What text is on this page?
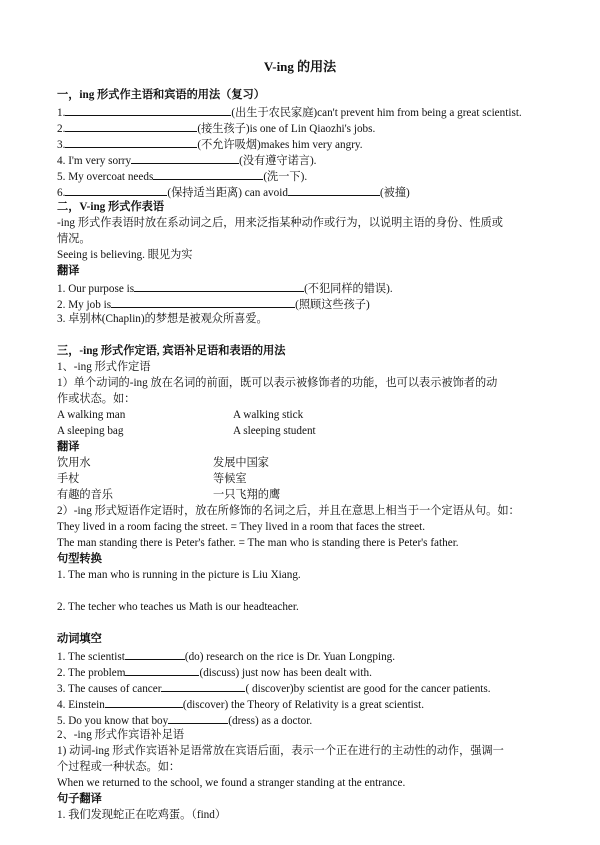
V-ing 的用法
一，ing 形式作主语和宾语的用法（复习）
1.	(出生于农民家庭)can't prevent him from being a great scientist.
2.	(接生孩子)is one of Lin Qiaozhi's jobs.
3.	(不允许吸烟)makes him very angry.
4. I'm very sorry	(没有遵守诺言).
5. My overcoat needs	(洗一下).
6.	(保持适当距离) can avoid	(被撞)
二，V-ing 形式作表语
-ing 形式作表语时放在系动词之后，用来泛指某种动作或行为，以说明主语的身份、性质或
情况。
Seeing is believing. 眼见为实
翻译
1. Our purpose is	(不犯同样的错误).
2. My job is	(照顾这些孩子)
3. 卓别林(Chaplin)的梦想是被观众所喜爱。
三，-ing 形式作定语, 宾语补足语和表语的用法
1、-ing 形式作定语
1）单个动词的-ing 放在名词的前面，既可以表示被修饰者的功能，也可以表示被饰者的动
作或状态。如：
A walking man	A walking stick
A sleeping bag	A sleeping student
翻译
饮用水	发展中国家
手杖	等候室
有趣的音乐	一只飞翔的鹰
2）-ing 形式短语作定语时，放在所修饰的名词之后，并且在意思上相当于一个定语从句。如：
They lived in a room facing the street. = They lived in a room that faces the street.
The man standing there is Peter's father. = The man who is standing there is Peter's father.
句型转换
1. The man who is running in the picture is Liu Xiang.
2. The techer who teaches us Math is our headteacher.
动词填空
1. The scientist	(do) research on the rice is Dr. Yuan Longping.
2. The problem	(discuss) just now has been dealt with.
3. The causes of cancer	( discover)by scientist are good for the cancer patients.
4. Einstein	(discover) the Theory of Relativity is a great scientist.
5. Do you know that boy	(dress) as a doctor.
2、-ing 形式作宾语补足语
1) 动词-ing 形式作宾语补足语常放在宾语后面，表示一个正在进行的主动性的动作，强调一
个过程或一种状态。如：
When we returned to the school, we found a stranger standing at the entrance.
句子翻译
1. 我们发现蛇正在吃鸡蛋。（find）
